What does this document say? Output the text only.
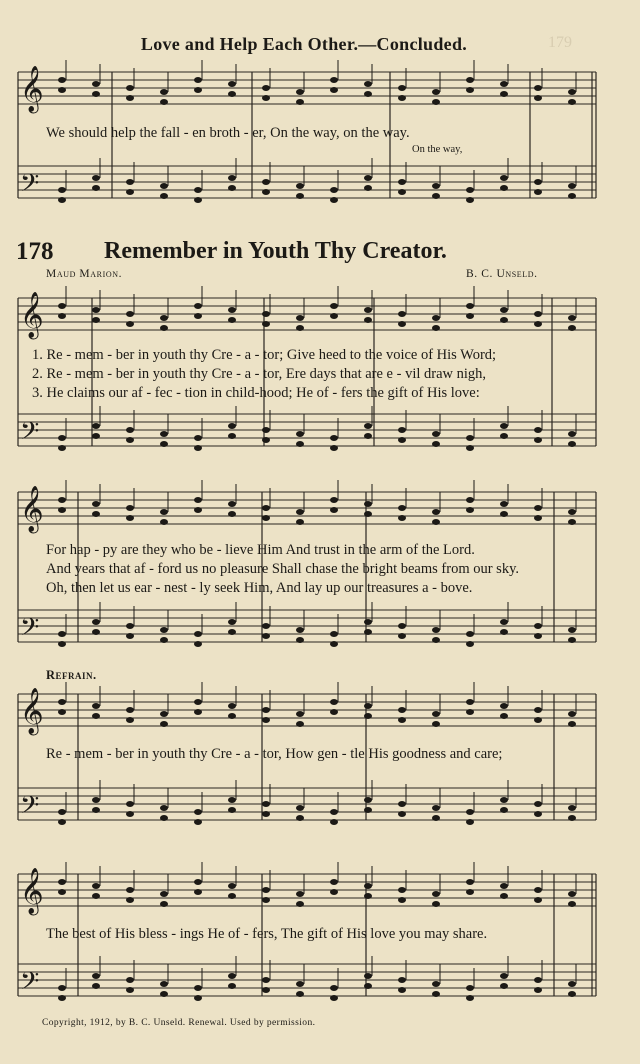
𝄞
𝄢
𝄞
𝄢
𝄞
𝄢
𝄞
𝄢
𝄞
𝄢
Love and Help Each Other.—Concluded.	179
We should help the fall - en broth - er, On the way, on the way.
On the way,
178 Remember in Youth Thy Creator.
Maud Marion.	B. C. Unseld.
1. Re - mem - ber in youth thy Cre - a - tor; Give heed to the voice of His Word;
2. Re - mem - ber in youth thy Cre - a - tor, Ere days that are e - vil draw nigh,
3. He claims our af - fec - tion in child-hood; He of - fers the gift of His love:
For hap - py are they who be - lieve Him And trust in the arm of the Lord.
And years that af - ford us no pleasure Shall chase the bright beams from our sky.
Oh, then let us ear - nest - ly seek Him, And lay up our treasures a - bove.
Refrain.
Re - mem - ber in youth thy Cre - a - tor, How gen - tle His goodness and care;
The best of His bless - ings He of - fers, The gift of His love you may share.
Copyright, 1912, by B. C. Unseld. Renewal. Used by permission.
